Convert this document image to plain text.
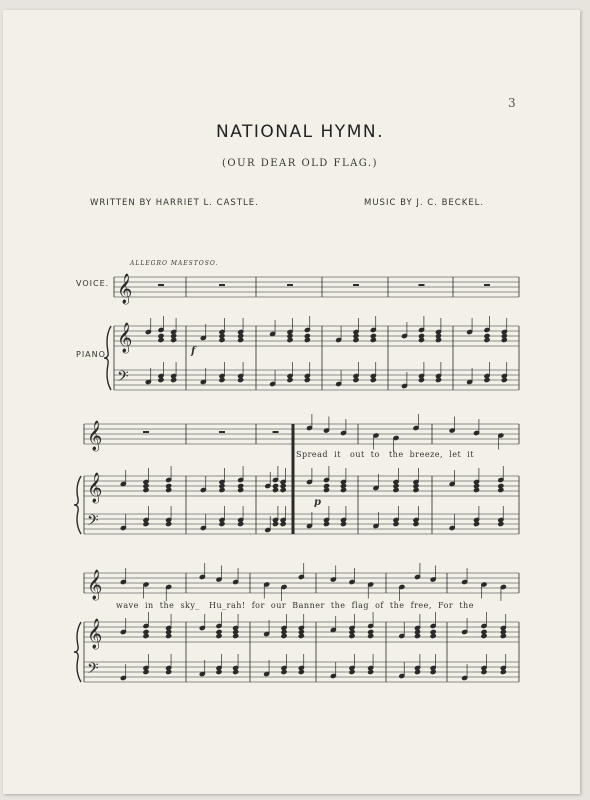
3
NATIONAL HYMN.
(OUR DEAR OLD FLAG.)
WRITTEN BY HARRIET L. CASTLE.	MUSIC BY J. C. BECKEL.
ALLEGRO MAESTOSO.
VOICE.
PIANO.	f
p
Spread  it   out  to   the  breeze,  let  it
wave  in  the  sky_   Hu_rah!  for  our  Banner  the  flag  of  the  free,  For  the
𝄞
𝄞
𝄢
𝄞
𝄞
𝄢
𝄞
𝄞
𝄢
